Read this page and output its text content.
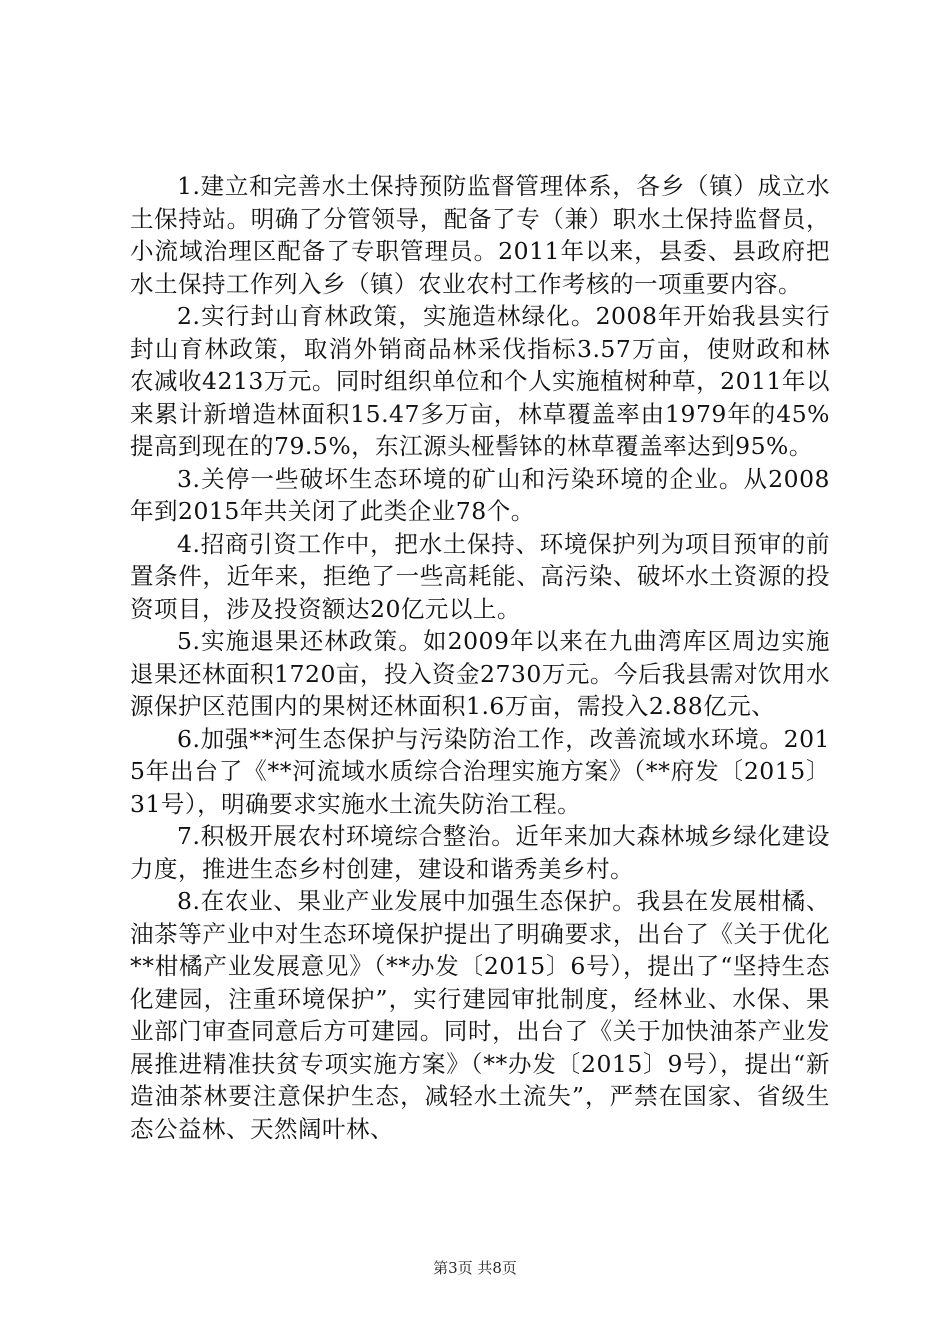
1.建立和完善水土保持预防监督管理体系，各乡（镇）成立水土保持站。明确了分管领导，配备了专（兼）职水土保持监督员，小流域治理区配备了专职管理员。2011年以来，县委、县政府把水土保持工作列入乡（镇）农业农村工作考核的一项重要内容。

2.实行封山育林政策，实施造林绿化。2008年开始我县实行封山育林政策，取消外销商品林采伐指标3.57万亩，使财政和林农减收4213万元。同时组织单位和个人实施植树种草，2011年以来累计新增造林面积15.47多万亩，林草覆盖率由1979年的45%提高到现在的79.5%，东江源头桠髻钵的林草覆盖率达到95%。

3.关停一些破坏生态环境的矿山和污染环境的企业。从2008年到2015年共关闭了此类企业78个。

4.招商引资工作中，把水土保持、环境保护列为项目预审的前置条件，近年来，拒绝了一些高耗能、高污染、破坏水土资源的投资项目，涉及投资额达20亿元以上。

5.实施退果还林政策。如2009年以来在九曲湾库区周边实施退果还林面积1720亩，投入资金2730万元。今后我县需对饮用水源保护区范围内的果树还林面积1.6万亩，需投入2.88亿元、

6.加强**河生态保护与污染防治工作，改善流域水环境。2015年出台了《**河流域水质综合治理实施方案》（**府发〔2015〕31号），明确要求实施水土流失防治工程。

7.积极开展农村环境综合整治。近年来加大森林城乡绿化建设力度，推进生态乡村创建，建设和谐秀美乡村。

8.在农业、果业产业发展中加强生态保护。我县在发展柑橘、油茶等产业中对生态环境保护提出了明确要求，出台了《关于优化**柑橘产业发展意见》（**办发〔2015〕6号），提出了“坚持生态化建园，注重环境保护”，实行建园审批制度，经林业、水保、果业部门审查同意后方可建园。同时，出台了《关于加快油茶产业发展推进精准扶贫专项实施方案》（**办发〔2015〕9号），提出“新造油茶林要注意保护生态，减轻水土流失”，严禁在国家、省级生态公益林、天然阔叶林、

第3页 共8页
